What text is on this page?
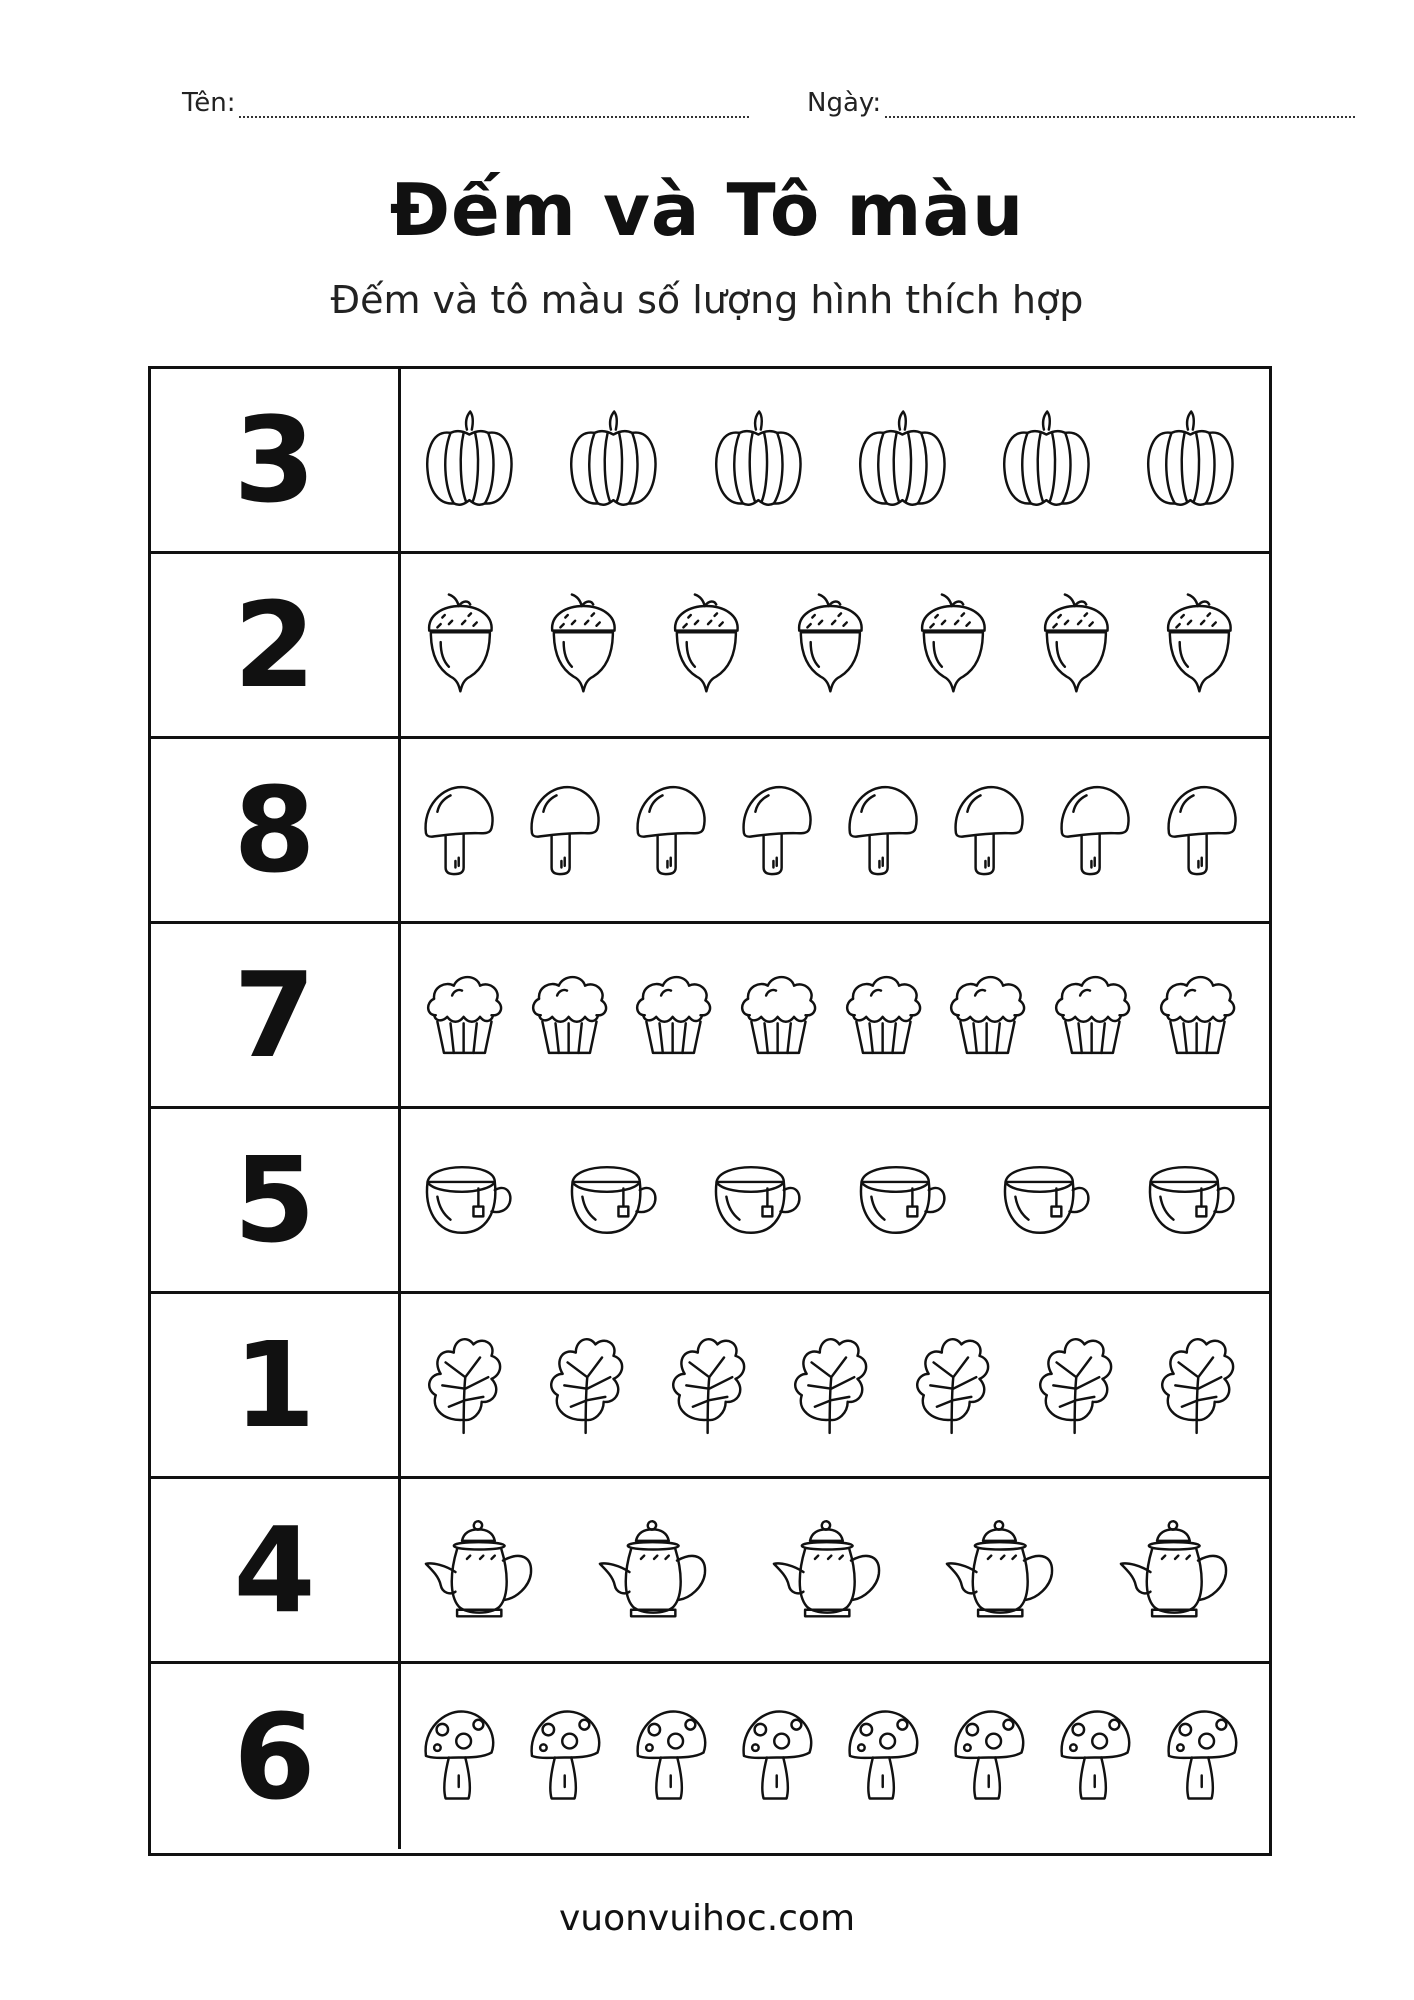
Tên:	Ngày:
Đếm và Tô màu
Đếm và tô màu số lượng hình thích hợp
3
2
8
7
5
1
4
6
vuonvuihoc.com
